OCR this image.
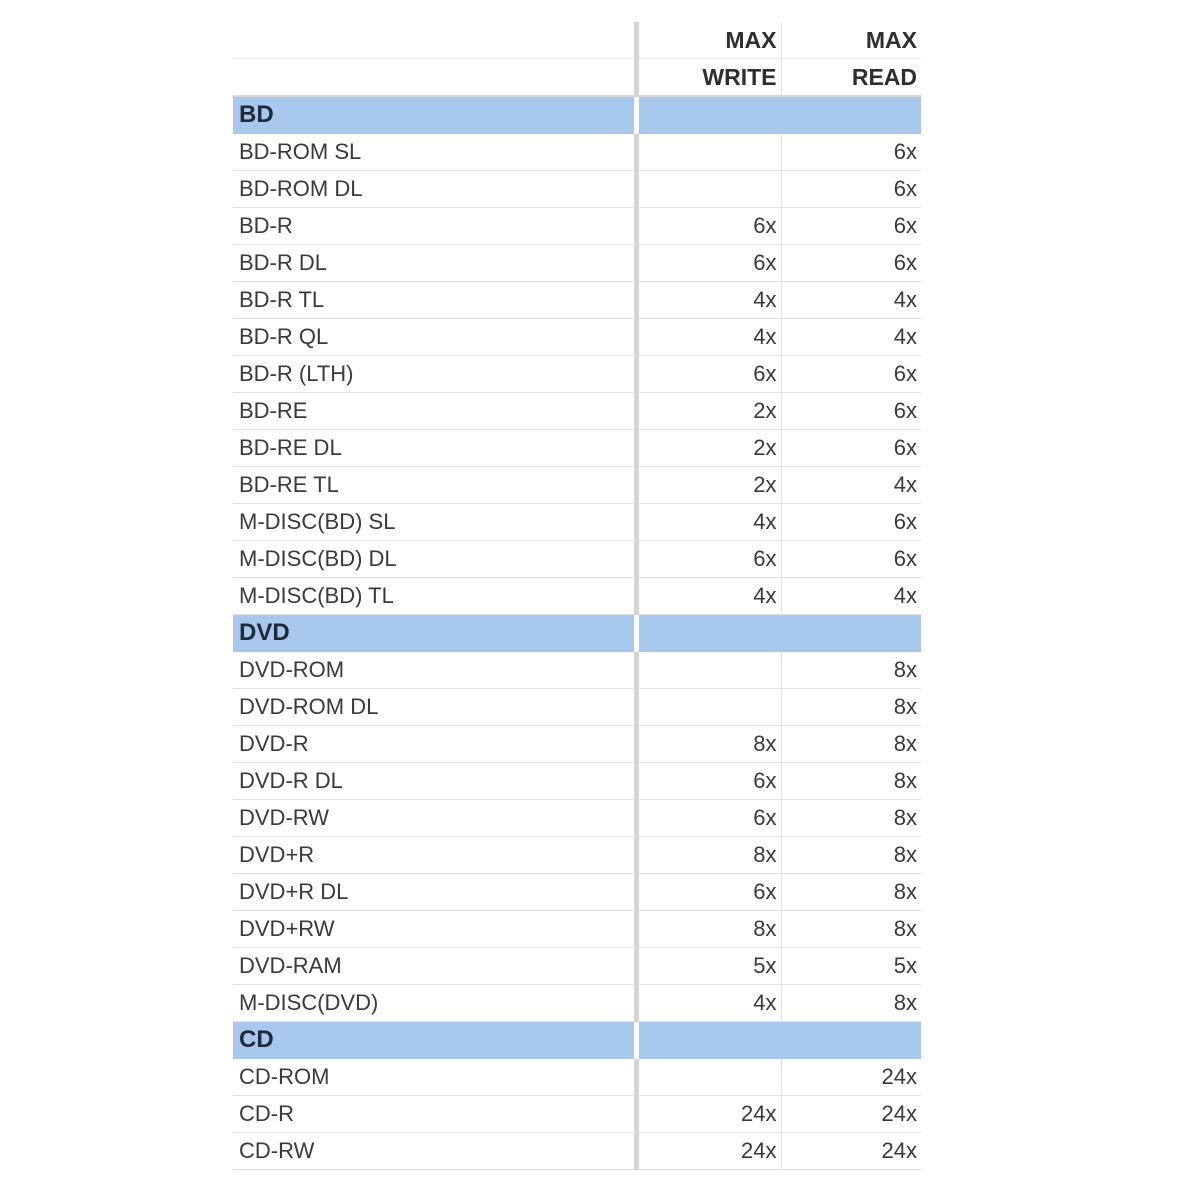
	MAX	MAX
	WRITE	READ
BD		
BD-ROM SL		6x
BD-ROM DL		6x
BD-R	6x	6x
BD-R DL	6x	6x
BD-R TL	4x	4x
BD-R QL	4x	4x
BD-R (LTH)	6x	6x
BD-RE	2x	6x
BD-RE DL	2x	6x
BD-RE TL	2x	4x
M-DISC(BD) SL	4x	6x
M-DISC(BD) DL	6x	6x
M-DISC(BD) TL	4x	4x
DVD		
DVD-ROM		8x
DVD-ROM DL		8x
DVD-R	8x	8x
DVD-R DL	6x	8x
DVD-RW	6x	8x
DVD+R	8x	8x
DVD+R DL	6x	8x
DVD+RW	8x	8x
DVD-RAM	5x	5x
M-DISC(DVD)	4x	8x
CD		
CD-ROM		24x
CD-R	24x	24x
CD-RW	24x	24x
